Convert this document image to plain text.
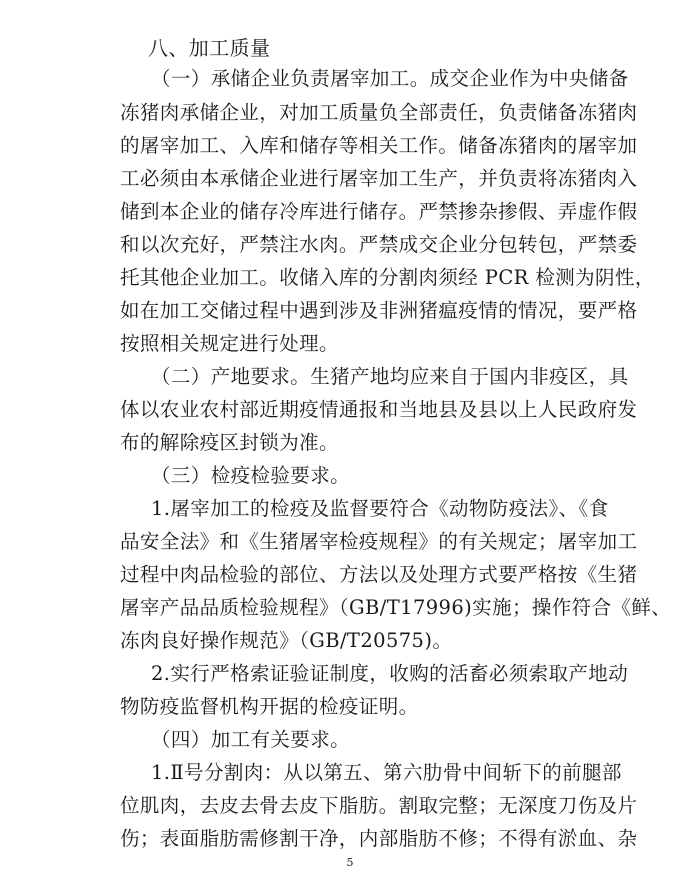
八、加工质量
（一）承储企业负责屠宰加工。成交企业作为中央储备
冻猪肉承储企业，对加工质量负全部责任，负责储备冻猪肉
的屠宰加工、入库和储存等相关工作。储备冻猪肉的屠宰加
工必须由本承储企业进行屠宰加工生产，并负责将冻猪肉入
储到本企业的储存冷库进行储存。严禁掺杂掺假、弄虚作假
和以次充好，严禁注水肉。严禁成交企业分包转包，严禁委
托其他企业加工。收储入库的分割肉须经 PCR 检测为阴性，
如在加工交储过程中遇到涉及非洲猪瘟疫情的情况，要严格
按照相关规定进行处理。
（二）产地要求。生猪产地均应来自于国内非疫区，具
体以农业农村部近期疫情通报和当地县及县以上人民政府发
布的解除疫区封锁为准。
（三）检疫检验要求。
1.屠宰加工的检疫及监督要符合《动物防疫法》、《食
品安全法》和《生猪屠宰检疫规程》的有关规定；屠宰加工
过程中肉品检验的部位、方法以及处理方式要严格按《生猪
屠宰产品品质检验规程》（GB/T17996)实施；操作符合《鲜、
冻肉良好操作规范》（GB/T20575)。
2.实行严格索证验证制度，收购的活畜必须索取产地动
物防疫监督机构开据的检疫证明。
（四）加工有关要求。
1.Ⅱ号分割肉：从以第五、第六肋骨中间斩下的前腿部
位肌肉，去皮去骨去皮下脂肪。割取完整；无深度刀伤及片
伤；表面脂肪需修割干净，内部脂肪不修；不得有淤血、杂
5
